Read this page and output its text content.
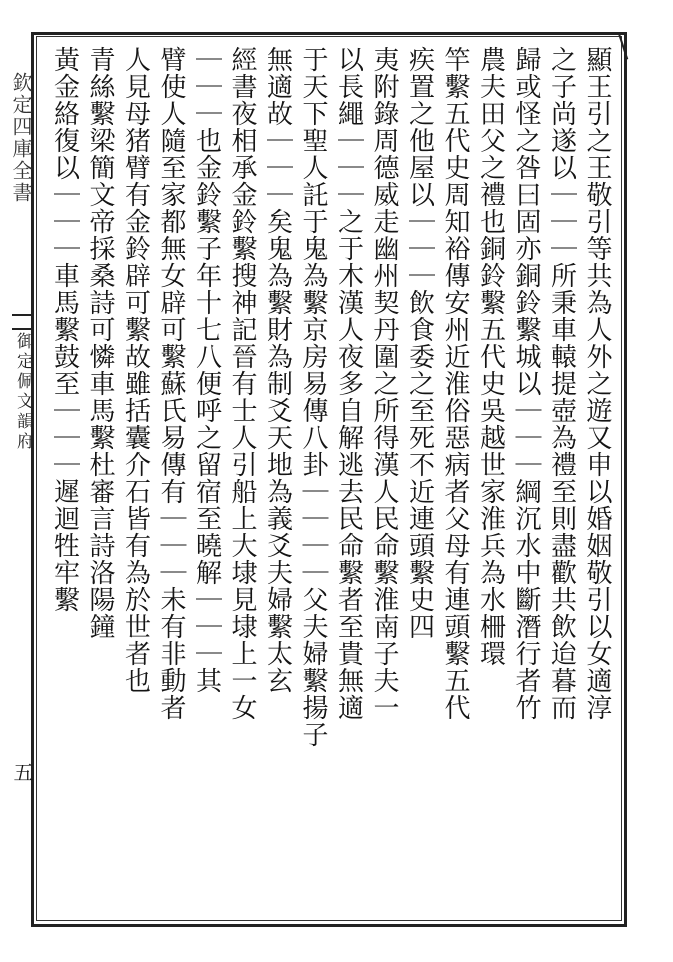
欽定四庫全書
御定佩文韻府
五
顯王引之王敬引等共為人外之遊又申以婚姻敬引以女適淳
之子尚遂以｜｜｜所秉車轅提壺為禮至則盡歡共飲迨暮而
歸或怪之咎曰固亦銅鈴繫城以｜｜｜綱沉水中斷潛行者竹
農夫田父之禮也銅鈴繫五代史吳越世家淮兵為水柵環
竿繫五代史周知裕傳安州近淮俗惡病者父母有連頭繫五代
疾置之他屋以｜｜｜飲食委之至死不近連頭繫史四
夷附錄周德威走幽州契丹圍之所得漢人民命繫淮南子夫一
以長繩｜｜｜之于木漢人夜多自解逃去民命繫者至貴無適
于天下聖人託于鬼為繫京房易傳八卦｜｜｜｜父夫婦繫揚子
無適故｜｜｜矣鬼為繫財為制爻天地為義爻夫婦繫太玄
經書夜相承金鈴繫搜神記晉有士人引船上大埭見埭上一女
｜｜｜也金鈴繫子年十七八便呼之留宿至曉解｜｜｜其
臂使人隨至家都無女辟可繫蘇氏易傳有｜｜｜未有非動者
人見母猪臂有金鈴辟可繫故雖括囊介石皆有為於世者也
青絲繫梁簡文帝採桑詩可憐車馬繫杜審言詩洛陽鐘
黃金絡復以｜｜｜車馬繫鼓至｜｜｜遲迴牲牢繫
